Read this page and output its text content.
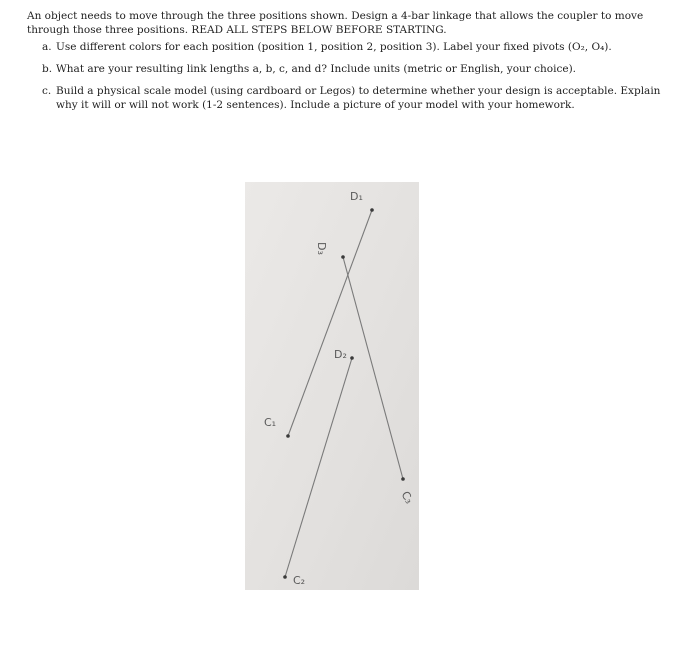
An object needs to move through the three positions shown. Design a 4-bar linkage that allows the coupler to move through those three positions. READ ALL STEPS BELOW BEFORE STARTING.
a. Use different colors for each position (position 1, position 2, position 3). Label your fixed pivots (O₂, O₄).
b. What are your resulting link lengths a, b, c, and d? Include units (metric or English, your choice).
c. Build a physical scale model (using cardboard or Legos) to determine whether your design is acceptable. Explain why it will or will not work (1-2 sentences). Include a picture of your model with your homework.
D₁
D₂
D₃
C₁
C₂
C₃
